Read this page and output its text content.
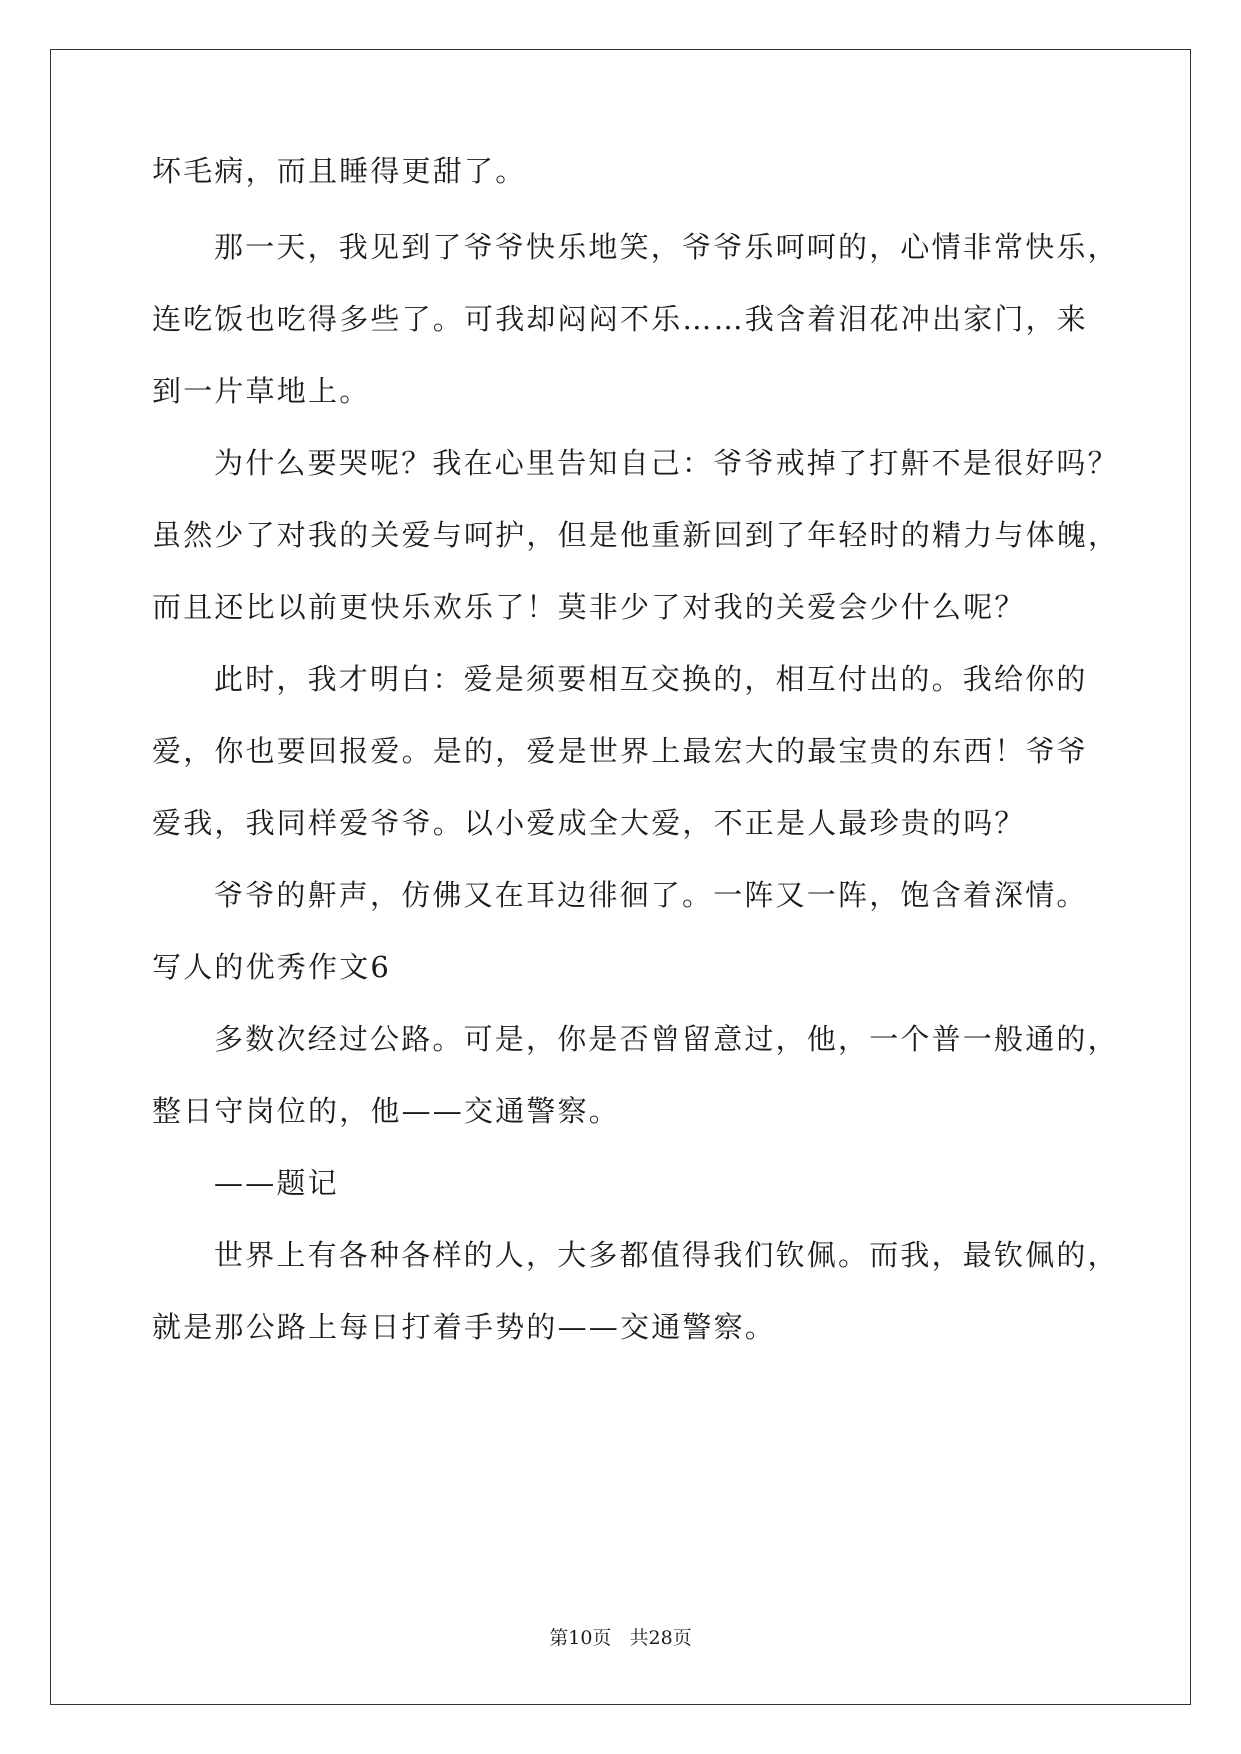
坏毛病，而且睡得更甜了。
那一天，我见到了爷爷快乐地笑，爷爷乐呵呵的，心情非常快乐，
连吃饭也吃得多些了。可我却闷闷不乐……我含着泪花冲出家门，来
到一片草地上。
为什么要哭呢？我在心里告知自己：爷爷戒掉了打鼾不是很好吗？
虽然少了对我的关爱与呵护，但是他重新回到了年轻时的精力与体魄，
而且还比以前更快乐欢乐了！莫非少了对我的关爱会少什么呢？
此时，我才明白：爱是须要相互交换的，相互付出的。我给你的
爱，你也要回报爱。是的，爱是世界上最宏大的最宝贵的东西！爷爷
爱我，我同样爱爷爷。以小爱成全大爱，不正是人最珍贵的吗？
爷爷的鼾声，仿佛又在耳边徘徊了。一阵又一阵，饱含着深情。
写人的优秀作文6
多数次经过公路。可是，你是否曾留意过，他，一个普一般通的，
整日守岗位的，他——交通警察。
——题记
世界上有各种各样的人，大多都值得我们钦佩。而我，最钦佩的，
就是那公路上每日打着手势的——交通警察。
第10页   共28页
